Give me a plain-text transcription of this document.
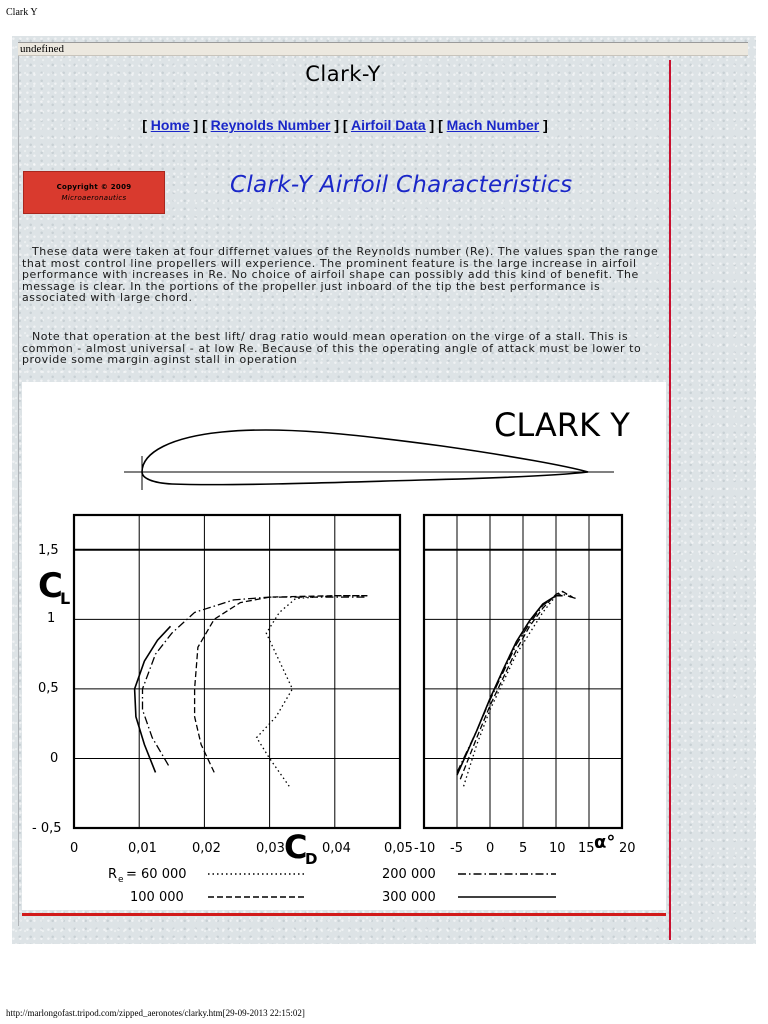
Clark Y
undefined
Clark-Y
[ Home ] [ Reynolds Number ] [ Airfoil Data ] [ Mach Number ]
Copyright © 2009
Microaeronautics	Clark-Y Airfoil Characteristics
These data were taken at four differnet values of the Reynolds number (Re). The values span the range that most control line propellers will experience. The prominent feature is the large increase in airfoil performance with increases in Re. No choice of airfoil shape can possibly add this kind of benefit. The message is clear. In the portions of the propeller just inboard of the tip the best performance is associated with large chord.
Note that operation at the best lift/ drag ratio would mean operation on the virge of a stall. This is common - almost universal - at low Re. Because of this the operating angle of attack must be lower to provide some margin aginst stall in operation
CLARK Y
1,5
1
0,5
0
- 0,5
C
L
0	0,01	0,02	0,03	0,04	0,05
C
D
-10 -5 0 5 10 15 20
α°
R e = 60 000
100 000
200 000
300 000
http://marlongofast.tripod.com/zipped_aeronotes/clarky.htm[29-09-2013 22:15:02]
